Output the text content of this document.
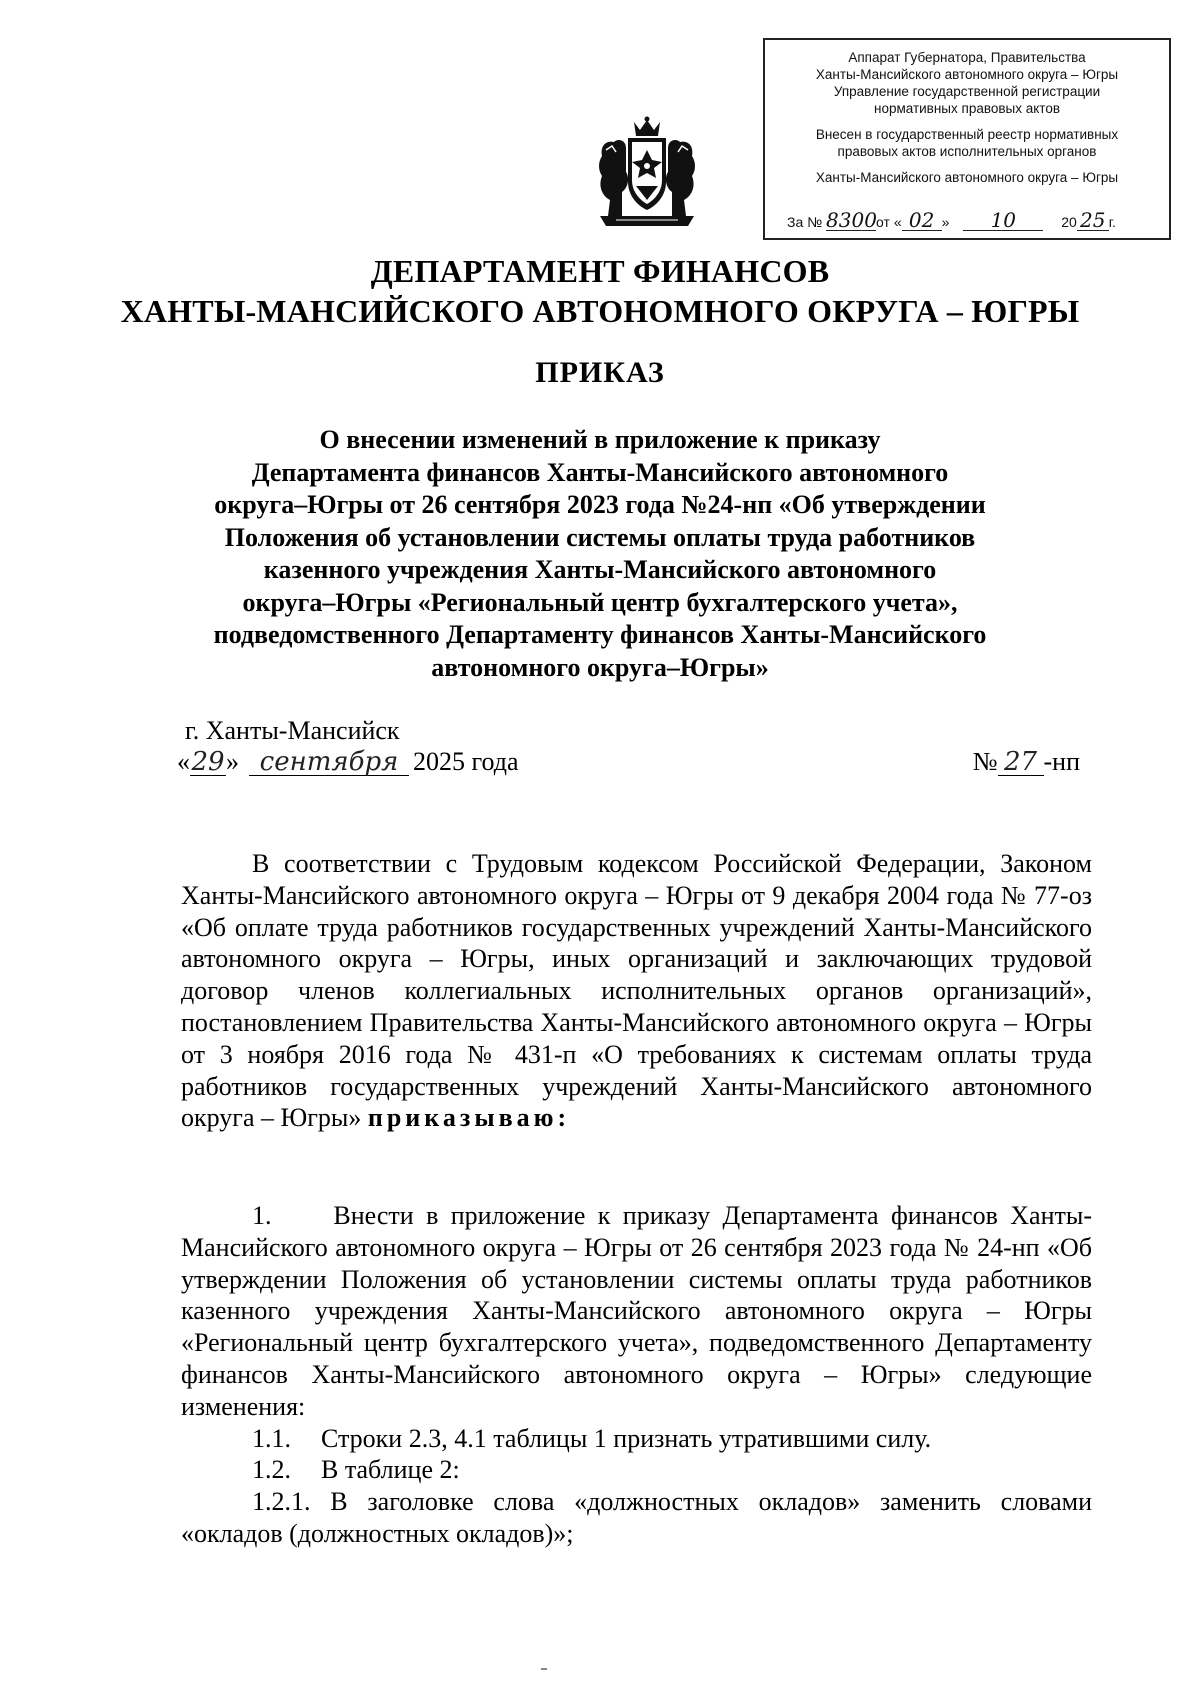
Аппарат Губернатора, Правительства
Ханты-Мансийского автономного округа – Югры
Управление государственной регистрации
нормативных правовых актов
Внесен в государственный реестр нормативных
правовых актов исполнительных органов
Ханты-Мансийского автономного округа – Югры
За № 8300от « 02 » 10	20 25 г.
ДЕПАРТАМЕНТ ФИНАНСОВ
ХАНТЫ-МАНСИЙСКОГО АВТОНОМНОГО ОКРУГА – ЮГРЫ
ПРИКАЗ
О внесении изменений в приложение к приказу
Департамента финансов Ханты-Мансийского автономного
округа–Югры от 26 сентября 2023 года №24-нп «Об утверждении
Положения об установлении системы оплаты труда работников
казенного учреждения Ханты-Мансийского автономного
округа–Югры «Региональный центр бухгалтерского учета»,
подведомственного Департаменту финансов Ханты-Мансийского
автономного округа–Югры»
г. Ханты-Мансийск
«29» сентября 2025 года	№ 27 -нп
В соответствии с Трудовым кодексом Российской Федерации, Законом Ханты-Мансийского автономного округа – Югры от 9 декабря 2004 года № 77-оз «Об оплате труда работников государственных учреждений Ханты-Мансийского автономного округа – Югры, иных организаций и заключающих трудовой договор членов коллегиальных исполнительных органов организаций», постановлением Правительства Ханты-Мансийского автономного округа – Югры от 3 ноября 2016 года № 431-п «О требованиях к системам оплаты труда работников государственных учреждений Ханты-Мансийского автономного округа – Югры» приказываю:
1. Внести в приложение к приказу Департамента финансов Ханты-Мансийского автономного округа – Югры от 26 сентября 2023 года № 24-нп «Об утверждении Положения об установлении системы оплаты труда работников казенного учреждения Ханты-Мансийского автономного округа – Югры «Региональный центр бухгалтерского учета», подведомственного Департаменту финансов Ханты-Мансийского автономного округа – Югры» следующие изменения:
1.1. Строки 2.3, 4.1 таблицы 1 признать утратившими силу.
1.2. В таблице 2:
1.2.1. В заголовке слова «должностных окладов» заменить словами «окладов (должностных окладов)»;
